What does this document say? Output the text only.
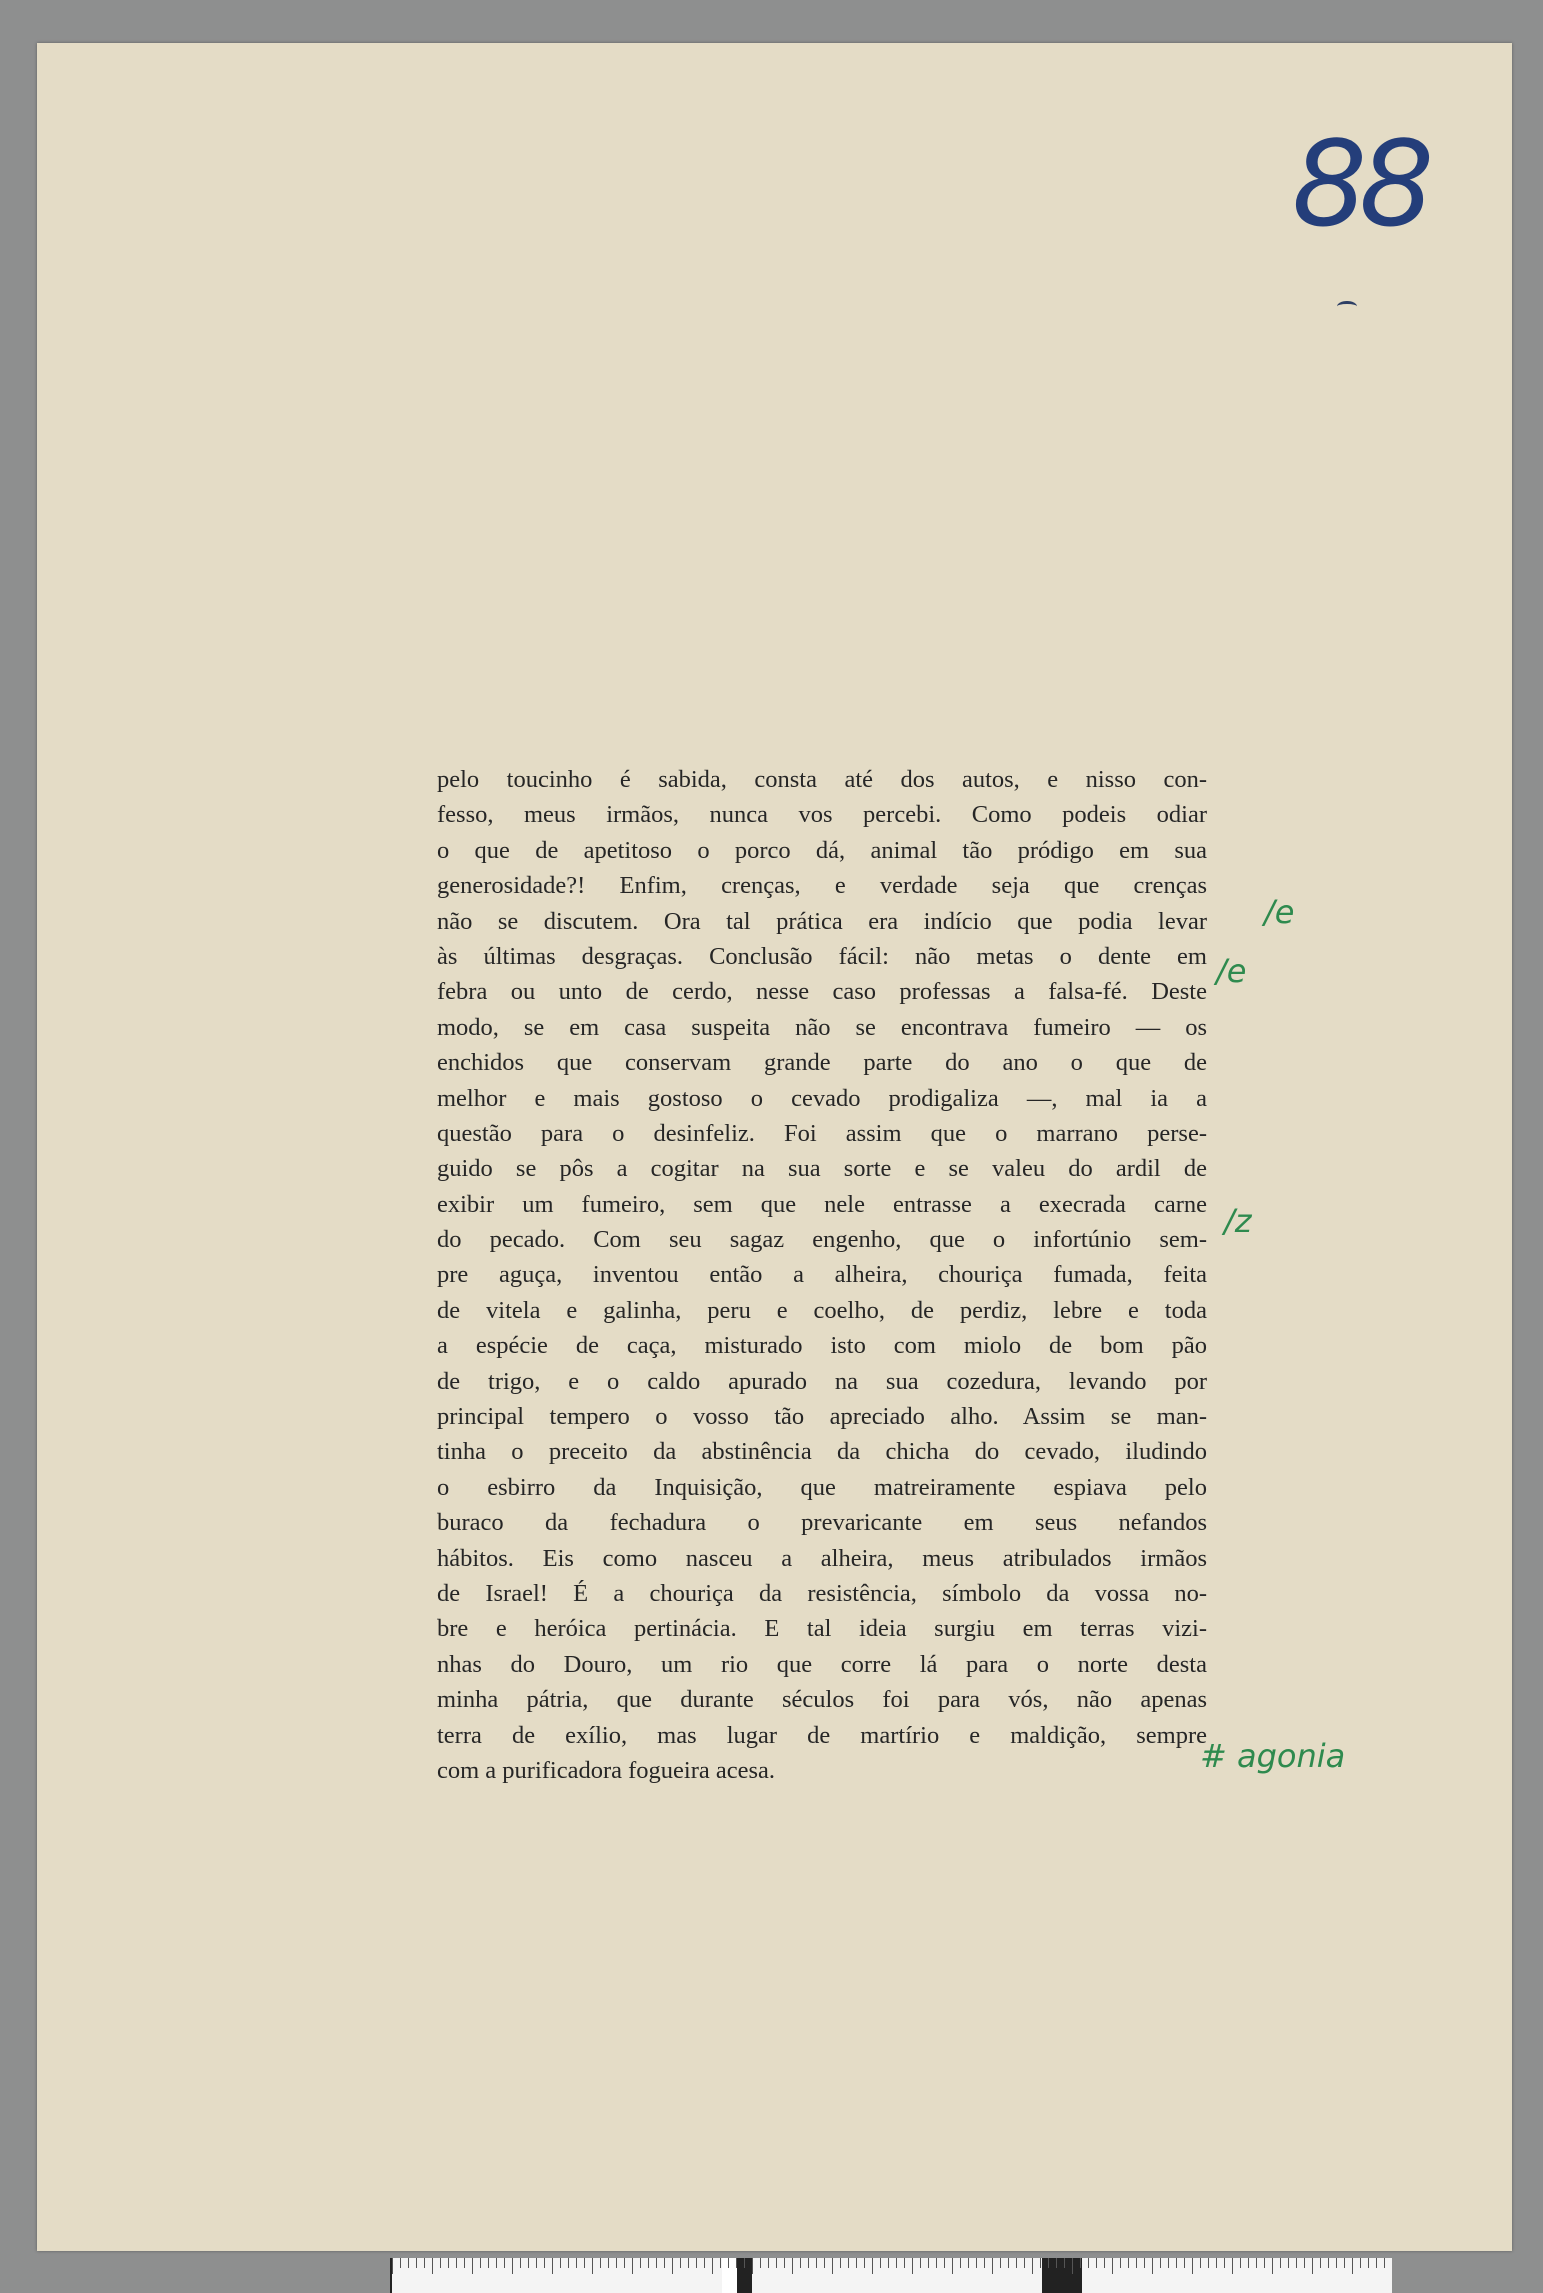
88
pelo toucinho é sabida, consta até dos autos, e nisso con-
fesso, meus irmãos, nunca vos percebi. Como podeis odiar
o que de apetitoso o porco dá, animal tão pródigo em sua
generosidade?! Enfim, crenças, e verdade seja que crenças
não se discutem. Ora tal prática era indício que podia levar
às últimas desgraças. Conclusão fácil: não metas o dente em
febra ou unto de cerdo, nesse caso professas a falsa-fé. Deste
modo, se em casa suspeita não se encontrava fumeiro — os
enchidos que conservam grande parte do ano o que de
melhor e mais gostoso o cevado prodigaliza —, mal ia a
questão para o desinfeliz. Foi assim que o marrano perse-
guido se pôs a cogitar na sua sorte e se valeu do ardil de
exibir um fumeiro, sem que nele entrasse a execrada carne
do pecado. Com seu sagaz engenho, que o infortúnio sem-
pre aguça, inventou então a alheira, chouriça fumada, feita
de vitela e galinha, peru e coelho, de perdiz, lebre e toda
a espécie de caça, misturado isto com miolo de bom pão
de trigo, e o caldo apurado na sua cozedura, levando por
principal tempero o vosso tão apreciado alho. Assim se man-
tinha o preceito da abstinência da chicha do cevado, iludindo
o esbirro da Inquisição, que matreiramente espiava pelo
buraco da fechadura o prevaricante em seus nefandos
hábitos. Eis como nasceu a alheira, meus atribulados irmãos
de Israel! É a chouriça da resistência, símbolo da vossa no-
bre e heróica pertinácia. E tal ideia surgiu em terras vizi-
nhas do Douro, um rio que corre lá para o norte desta
minha pátria, que durante séculos foi para vós, não apenas
terra de exílio, mas lugar de martírio e maldição, sempre
com a purificadora fogueira acesa.
/e
/e
/z
# agonia
